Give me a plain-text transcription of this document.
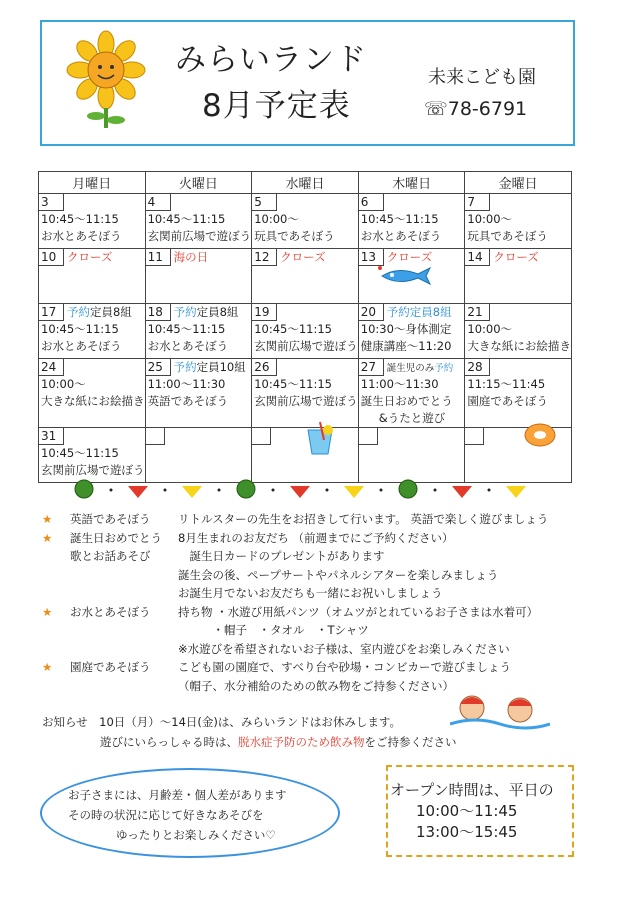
みらいランド
8月予定表
未来こども園
☏78-6791
月曜日	火曜日	水曜日	木曜日	金曜日

3
10:45～11:15
お水とあそぼう	4
10:45～11:15
玄関前広場で遊ぼう	5
10:00～
玩具であそぼう	6
10:45～11:15
お水とあそぼう	7
10:00～
玩具であそぼう

10 クローズ	11 海の日	12 クローズ	13 クローズ	14 クローズ

17 予約定員8組
10:45～11:15
お水とあそぼう	18 予約定員8組
10:45～11:15
お水とあそぼう	19
10:45～11:15
玄関前広場で遊ぼう	20 予約定員8組
10:30～身体測定
健康講座～11:20	21
10:00～
大きな紙にお絵描き

24
10:00～
大きな紙にお絵描き	25 予約定員10組
11:00～11:30
英語であそぼう	26
10:45～11:15
玄関前広場で遊ぼう	27 誕生児のみ予約
11:00～11:30
誕生日おめでとう
&うたと遊び	28
11:15～11:45
園庭であそぼう

31
10:45～11:15
玄関前広場で遊ぼう				

★ 英語であそぼう リトルスターの先生をお招きして行います。 英語で楽しく遊びましょう
★ 誕生日おめでとう 8月生まれのお友だち （前週までにご予約ください）
歌とお話あそび 　誕生日カードのプレゼントがあります
誕生会の後、ペープサートやパネルシアターを楽しみましょう
お誕生月でないお友だちも一緒にお祝いしましょう
★ お水とあそぼう 持ち物 ・水遊び用紙パンツ（オムツがとれているお子さまは水着可）
　　　・帽子　・タオル　・Tシャツ
※水遊びを希望されないお子様は、室内遊びをお楽しみください
★ 園庭であそぼう こども園の園庭で、すべり台や砂場・コンビカーで遊びましょう
（帽子、水分補給のための飲み物をご持参ください）
お知らせ　 10日（月）～14日(金)は、みらいランドはお休みします。
遊びにいらっしゃる時は、脱水症予防のため飲み物をご持参ください
お子さまには、月齢差・個人差があります
その時の状況に応じて好きなあそびを
ゆったりとお楽しみください♡
オープン時間は、平日の
10:00～11:45
13:00～15:45
